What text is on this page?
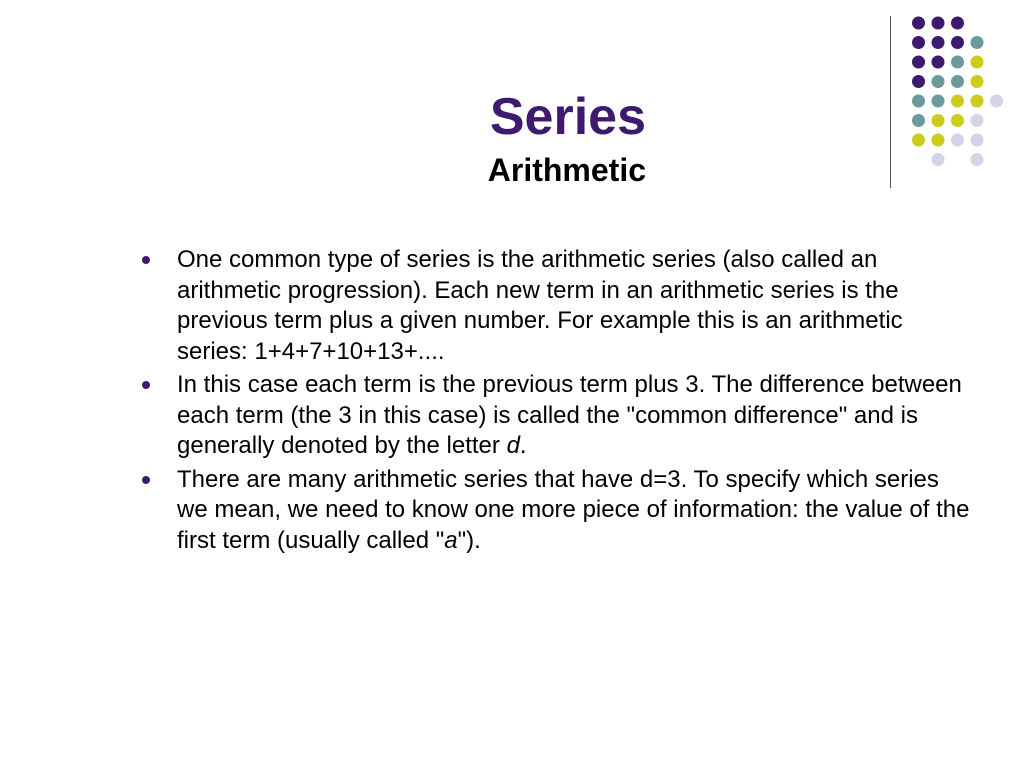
Series
Arithmetic
One common type of series is the arithmetic series (also called an arithmetic progression). Each new term in an arithmetic series is the previous term plus a given number. For example this is an arithmetic series: 1+4+7+10+13+....
In this case each term is the previous term plus 3. The difference between each term (the 3 in this case) is called the "common difference" and is generally denoted by the letter d.
There are many arithmetic series that have d=3. To specify which series we mean, we need to know one more piece of information: the value of the first term (usually called "a").
